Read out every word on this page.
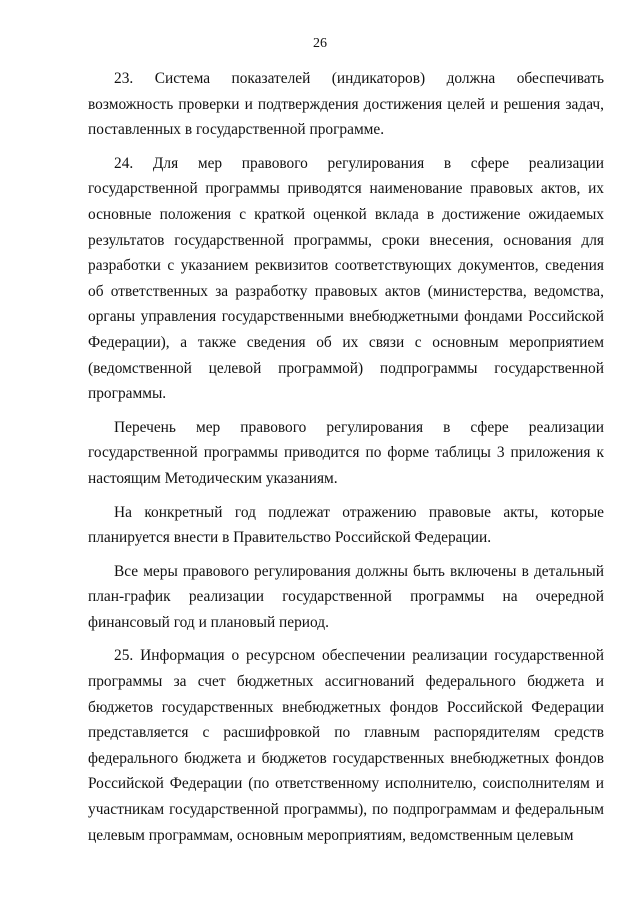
26

23. Система показателей (индикаторов) должна обеспечивать возможность проверки и подтверждения достижения целей и решения задач, поставленных в государственной программе.

24. Для мер правового регулирования в сфере реализации государственной программы приводятся наименование правовых актов, их основные положения с краткой оценкой вклада в достижение ожидаемых результатов государственной программы, сроки внесения, основания для разработки с указанием реквизитов соответствующих документов, сведения об ответственных за разработку правовых актов (министерства, ведомства, органы управления государственными внебюджетными фондами Российской Федерации), а также сведения об их связи с основным мероприятием (ведомственной целевой программой) подпрограммы государственной программы.

Перечень мер правового регулирования в сфере реализации государственной программы приводится по форме таблицы 3 приложения к настоящим Методическим указаниям.

На конкретный год подлежат отражению правовые акты, которые планируется внести в Правительство Российской Федерации.

Все меры правового регулирования должны быть включены в детальный план-график реализации государственной программы на очередной финансовый год и плановый период.

25. Информация о ресурсном обеспечении реализации государственной программы за счет бюджетных ассигнований федерального бюджета и бюджетов государственных внебюджетных фондов Российской Федерации представляется с расшифровкой по главным распорядителям средств федерального бюджета и бюджетов государственных внебюджетных фондов Российской Федерации (по ответственному исполнителю, соисполнителям и участникам государственной программы), по подпрограммам и федеральным целевым программам, основным мероприятиям, ведомственным целевым
